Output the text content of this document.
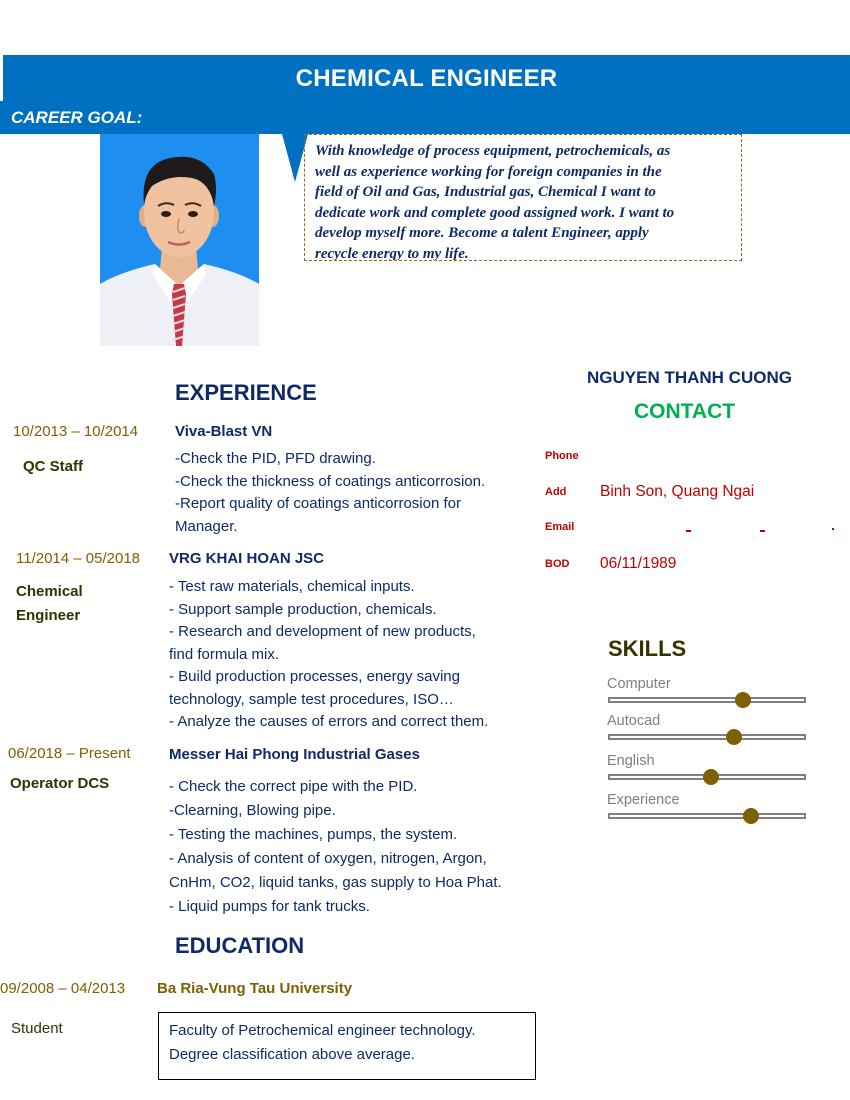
CHEMICAL ENGINEER
CAREER GOAL:
With knowledge of process equipment, petrochemicals, as
well as experience working for foreign companies in the
field of Oil and Gas, Industrial gas, Chemical I want to
dedicate work and complete good assigned work. I want to
develop myself more. Become a talent Engineer, apply
recycle energy to my life.
NGUYEN THANH CUONG
CONTACT
Phone
Add Binh Son, Quang Ngai
Email
BOD 06/11/1989
SKILLS
Computer
Autocad
English
Experience
EXPERIENCE
10/2013 – 10/2014 Viva-Blast VN
QC Staff	-Check the PID, PFD drawing.
-Check the thickness of coatings anticorrosion.
-Report quality of coatings anticorrosion for
Manager.
11/2014 – 05/2018 VRG KHAI HOAN JSC
Chemical
Engineer
- Test raw materials, chemical inputs.
- Support sample production, chemicals.
- Research and development of new products,
find formula mix.
- Build production processes, energy saving
technology, sample test procedures, ISO…
- Analyze the causes of errors and correct them.
06/2018 – Present	Messer Hai Phong Industrial Gases
Operator DCS	- Check the correct pipe with the PID.
-Clearning, Blowing pipe.
- Testing the machines, pumps, the system.
- Analysis of content of oxygen, nitrogen, Argon,
CnHm, CO2, liquid tanks, gas supply to Hoa Phat.
- Liquid pumps for tank trucks.
EDUCATION
09/2008 – 04/2013 Ba Ria-Vung Tau University
Student	Faculty of Petrochemical engineer technology.
Degree classification above average.
